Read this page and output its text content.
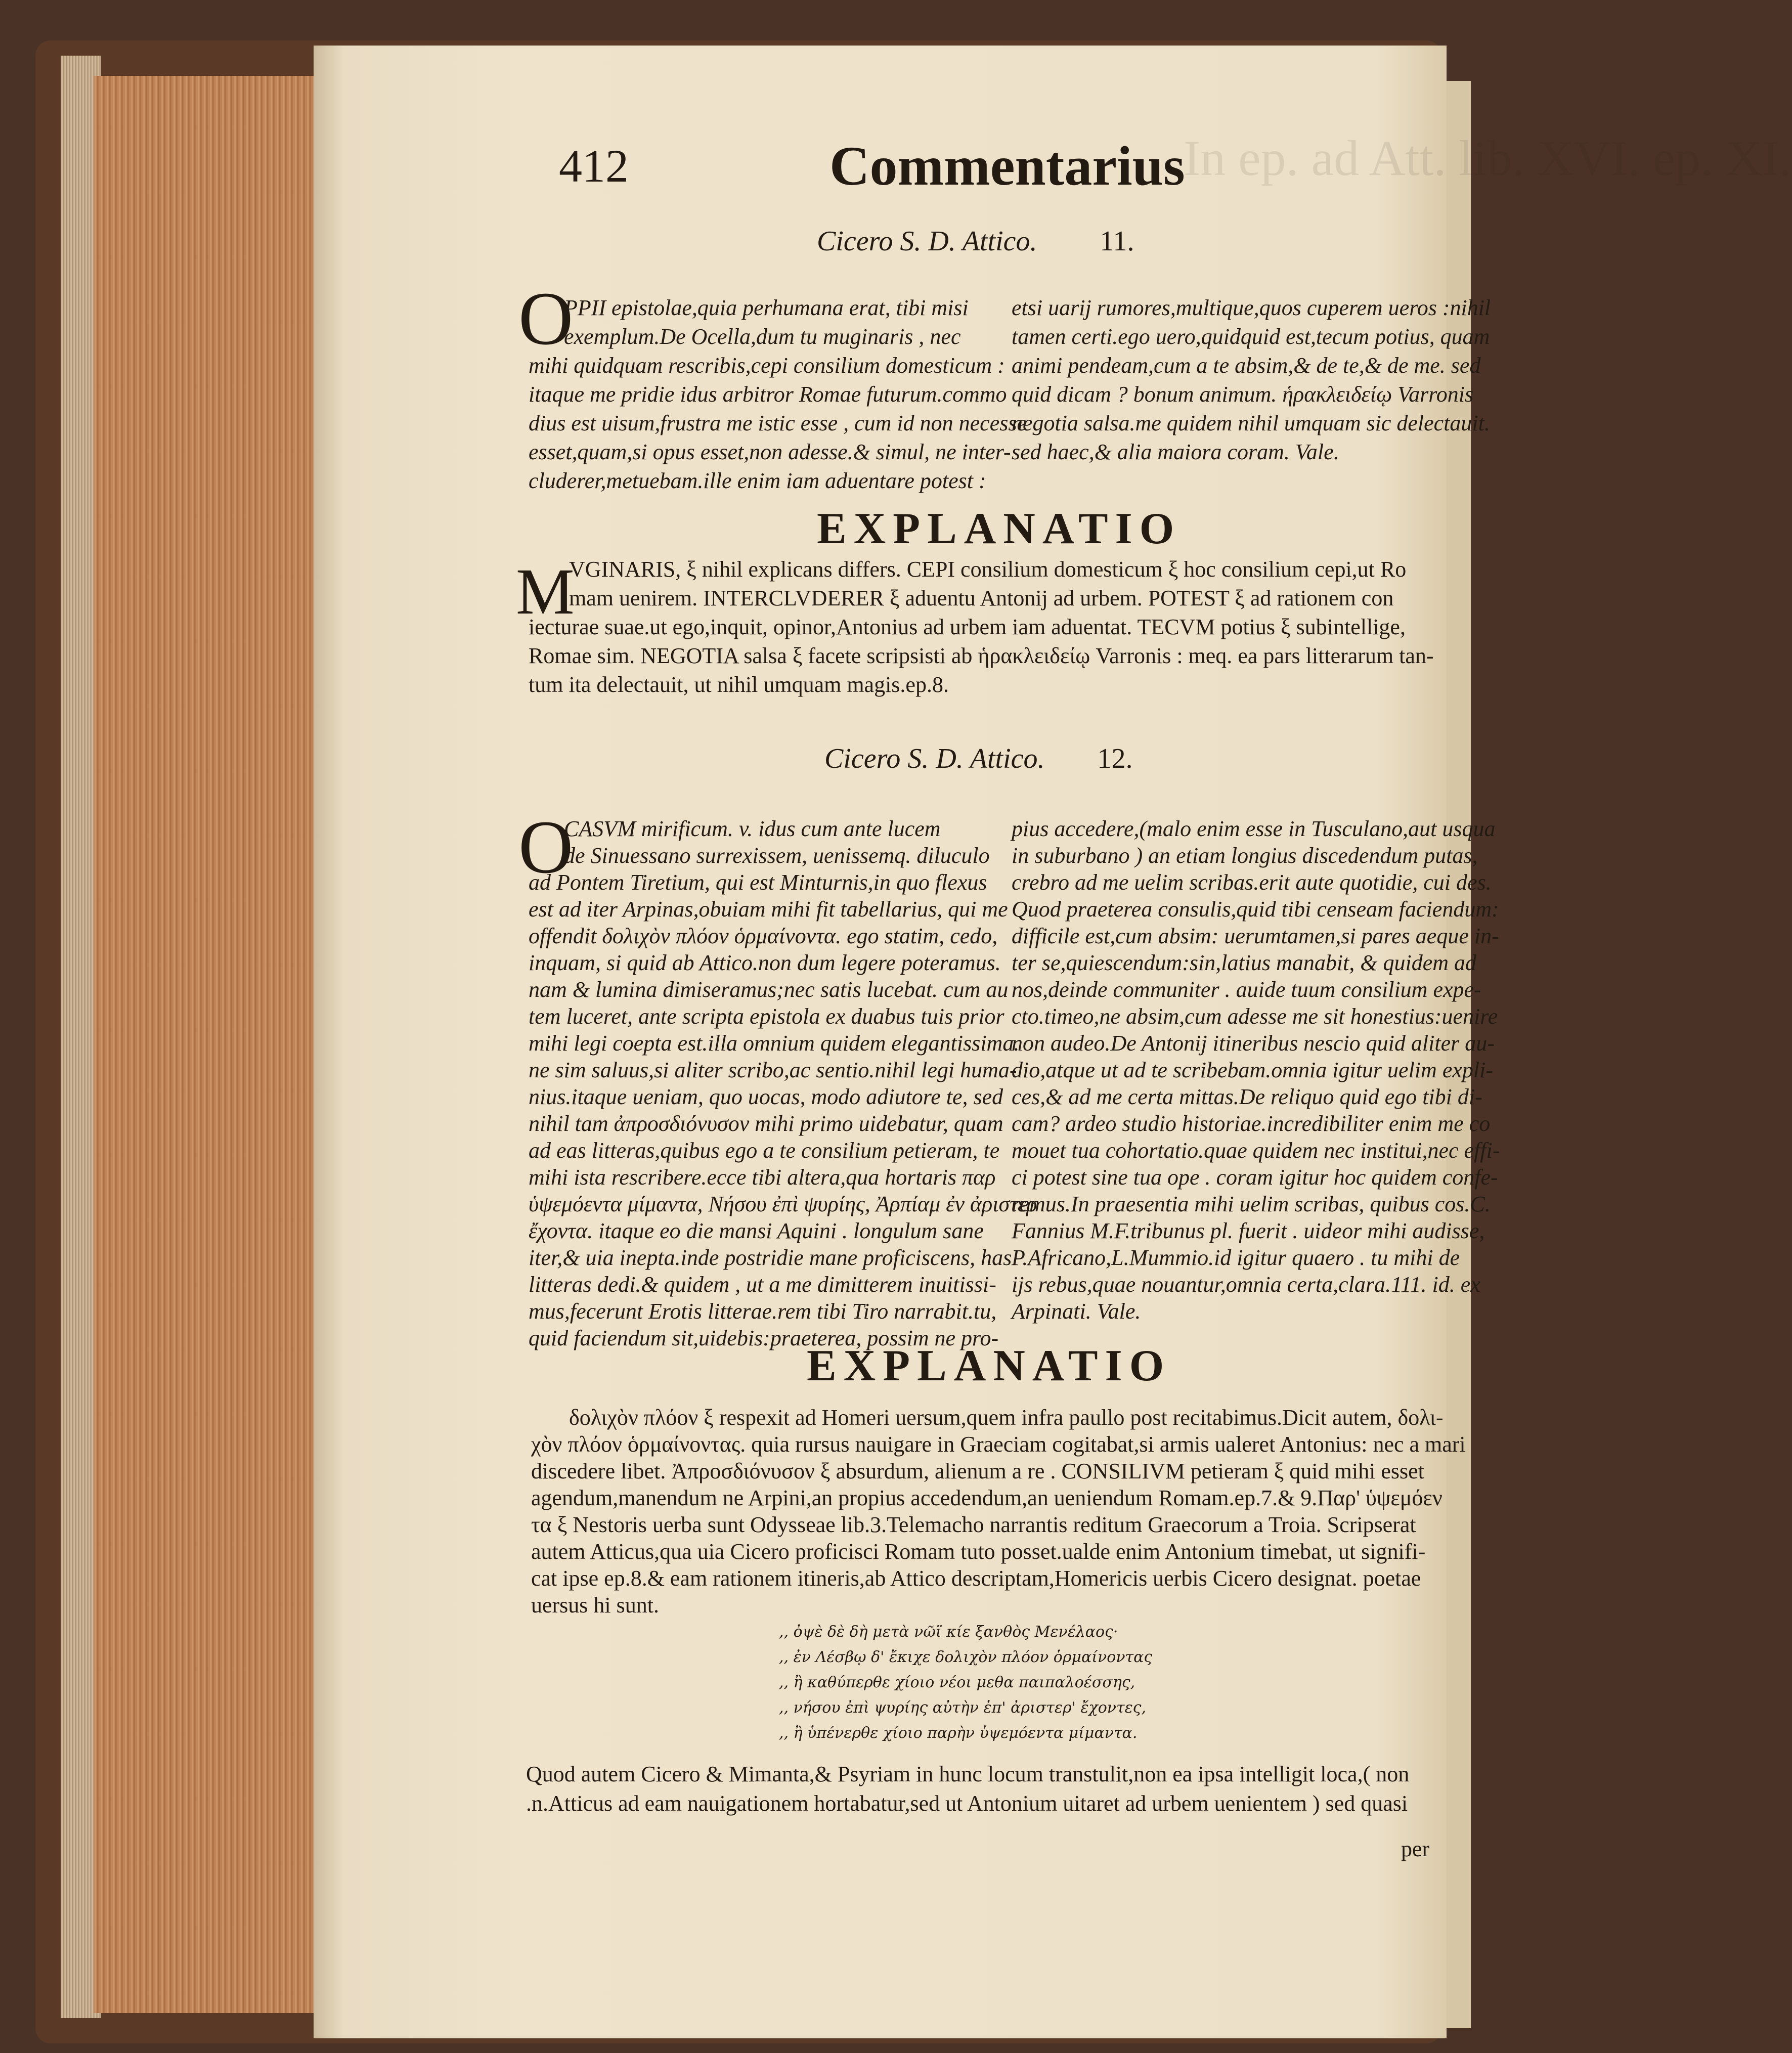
412	Commentarius
In ep. ad Att. lib. XVI. ep. XI.
Cicero S. D. Attico. 11.
O
PPII epistolae,quia perhumana erat, tibi misi
exemplum.De Ocella,dum tu muginaris , nec
mihi quidquam rescribis,cepi consilium domesticum :
itaque me pridie idus arbitror Romae futurum.commo
dius est uisum,frustra me istic esse , cum id non necesse
esset,quam,si opus esset,non adesse.& simul, ne inter-
cluderer,metuebam.ille enim iam aduentare potest :
etsi uarij rumores,multique,quos cuperem ueros :nihil
tamen certi.ego uero,quidquid est,tecum potius, quam
animi pendeam,cum a te absim,& de te,& de me. sed
quid dicam ? bonum animum. ἡρακλειδείῳ Varronis
negotia salsa.me quidem nihil umquam sic delectauit.
sed haec,& alia maiora coram. Vale.
EXPLANATIO
M
VGINARIS, ξ nihil explicans differs. CEPI consilium domesticum ξ hoc consilium cepi,ut Ro
mam uenirem. INTERCLVDERER ξ aduentu Antonij ad urbem. POTEST ξ ad rationem con
iecturae suae.ut ego,inquit, opinor,Antonius ad urbem iam aduentat. TECVM potius ξ subintellige,
Romae sim. NEGOTIA salsa ξ facete scripsisti ab ἡρακλειδείῳ Varronis : meq. ea pars litterarum tan-
tum ita delectauit, ut nihil umquam magis.ep.8.
Cicero S. D. Attico. 12.
O
CASVM mirificum. v. idus cum ante lucem
de Sinuessano surrexissem, uenissemq. diluculo
ad Pontem Tiretium, qui est Minturnis,in quo flexus
est ad iter Arpinas,obuiam mihi fit tabellarius, qui me
offendit δολιχὸν πλόον ὁρμαίνοντα. ego statim, cedo,
inquam, si quid ab Attico.non dum legere poteramus.
nam & lumina dimiseramus;nec satis lucebat. cum au
tem luceret, ante scripta epistola ex duabus tuis prior
mihi legi coepta est.illa omnium quidem elegantissima.
ne sim saluus,si aliter scribo,ac sentio.nihil legi huma-
nius.itaque ueniam, quo uocas, modo adiutore te, sed
nihil tam ἀπροσδιόνυσον mihi primo uidebatur, quam
ad eas litteras,quibus ego a te consilium petieram, te
mihi ista rescribere.ecce tibi altera,qua hortaris παρ
ὑψεμόεντα μίμαντα, Νήσου ἐπὶ ψυρίης, Ἀρπίαμ ἐν ἀριστερ
ἔχοντα. itaque eo die mansi Aquini . longulum sane
iter,& uia inepta.inde postridie mane proficiscens, has
litteras dedi.& quidem , ut a me dimitterem inuitissi-
mus,fecerunt Erotis litterae.rem tibi Tiro narrabit.tu,
quid faciendum sit,uidebis:praeterea, possim ne pro-
pius accedere,(malo enim esse in Tusculano,aut usqua
in suburbano ) an etiam longius discedendum putas,
crebro ad me uelim scribas.erit aute quotidie, cui des.
Quod praeterea consulis,quid tibi censeam faciendum:
difficile est,cum absim: uerumtamen,si pares aeque in-
ter se,quiescendum:sin,latius manabit, & quidem ad
nos,deinde communiter . auide tuum consilium expe-
cto.timeo,ne absim,cum adesse me sit honestius:uenire
non audeo.De Antonij itineribus nescio quid aliter au-
dio,atque ut ad te scribebam.omnia igitur uelim expli-
ces,& ad me certa mittas.De reliquo quid ego tibi di-
cam? ardeo studio historiae.incredibiliter enim me co
mouet tua cohortatio.quae quidem nec institui,nec effi-
ci potest sine tua ope . coram igitur hoc quidem confe-
remus.In praesentia mihi uelim scribas, quibus cos.C.
Fannius M.F.tribunus pl. fuerit . uideor mihi audisse,
P.Africano,L.Mummio.id igitur quaero . tu mihi de
ijs rebus,quae nouantur,omnia certa,clara.111. id. ex
Arpinati. Vale.
EXPLANATIO
δολιχὸν πλόον ξ respexit ad Homeri uersum,quem infra paullo post recitabimus.Dicit autem, δολι-
χὸν πλόον ὁρμαίνοντας. quia rursus nauigare in Graeciam cogitabat,si armis ualeret Antonius: nec a mari
discedere libet. Ἀπροσδιόνυσον ξ absurdum, alienum a re . CONSILIVM petieram ξ quid mihi esset
agendum,manendum ne Arpini,an propius accedendum,an ueniendum Romam.ep.7.& 9.Παρ' ὑψεμόεν
τα ξ Nestoris uerba sunt Odysseae lib.3.Telemacho narrantis reditum Graecorum a Troia. Scripserat
autem Atticus,qua uia Cicero proficisci Romam tuto posset.ualde enim Antonium timebat, ut signifi-
cat ipse ep.8.& eam rationem itineris,ab Attico descriptam,Homericis uerbis Cicero designat. poetae
uersus hi sunt.
,, ὀψὲ δὲ δὴ μετὰ νῶϊ κίε ξανθὸς Μενέλαος·
,, ἐν Λέσβῳ δ' ἔκιχε δολιχὸν πλόον ὁρμαίνοντας
,, ἢ καθύπερθε χίοιο νέοι μεθα παιπαλοέσσης,
,, νήσου ἐπὶ ψυρίης αὐτὴν ἐπ' ἀριστερ' ἔχοντες,
,, ἢ ὑπένερθε χίοιο παρὴν ὑψεμόεντα μίμαντα.
Quod autem Cicero & Mimanta,& Psyriam in hunc locum transtulit,non ea ipsa intelligit loca,( non
.n.Atticus ad eam nauigationem hortabatur,sed ut Antonium uitaret ad urbem uenientem ) sed quasi
per
